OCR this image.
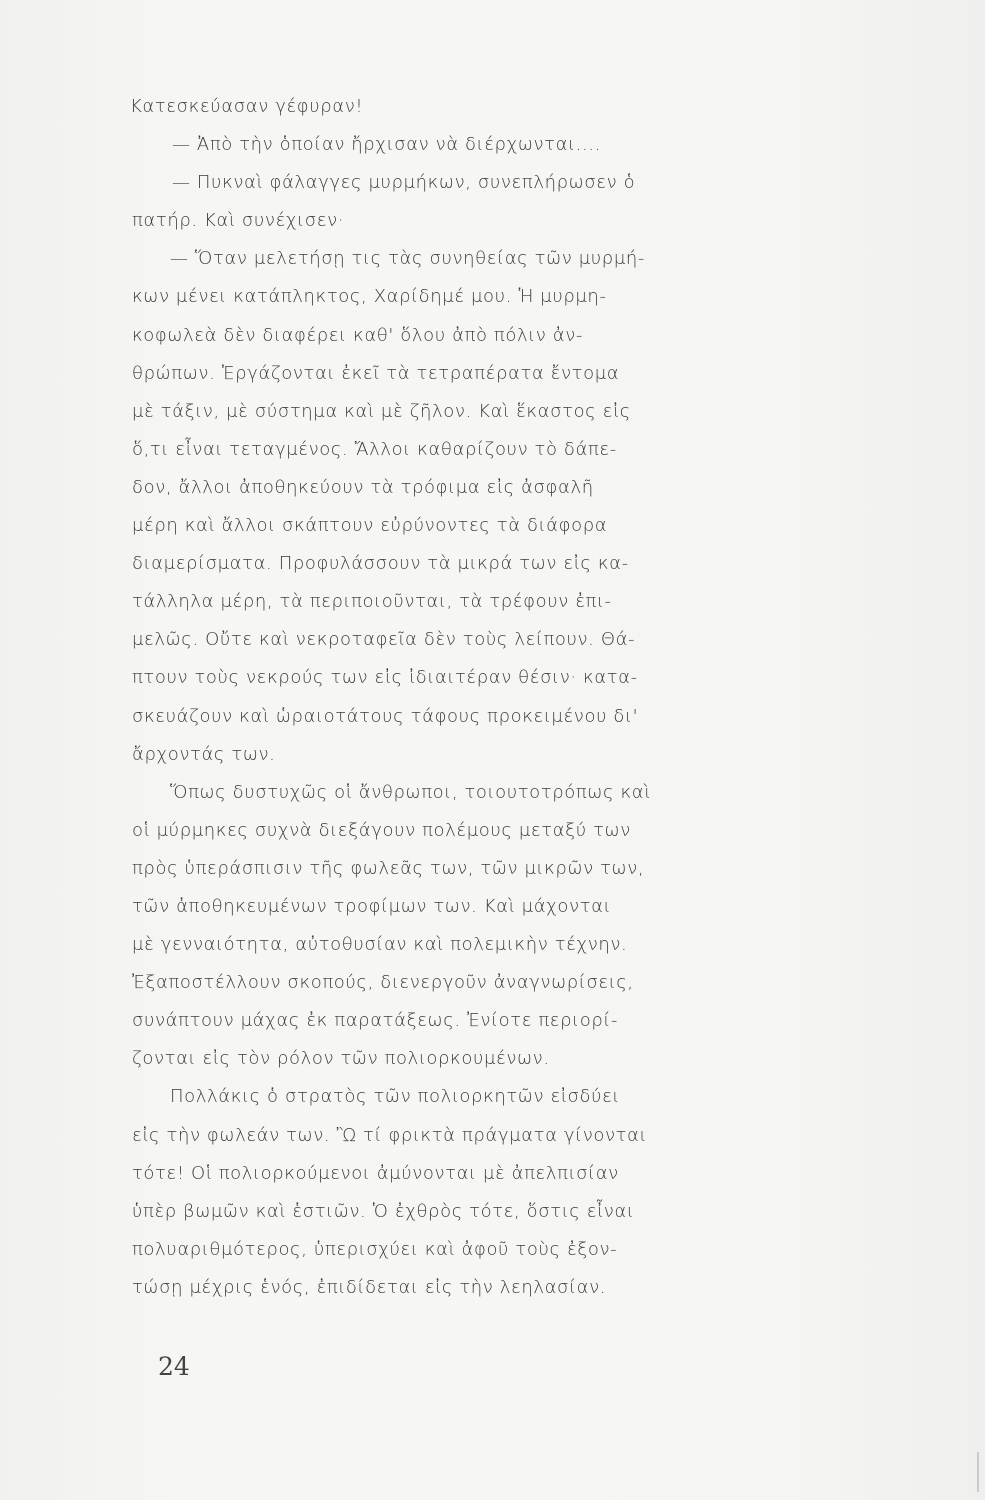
Κατεσκεύασαν γέφυραν!
— Ἀπὸ τὴν ὁποίαν ἤρχισαν νὰ διέρχωνται....
— Πυκναὶ φάλαγγες μυρμήκων, συνεπλήρωσεν ὁ
πατήρ. Καὶ συνέχισεν·
— Ὅταν μελετήσῃ τις τὰς συνηθείας τῶν μυρμή-
κων μένει κατάπληκτος, Χαρίδημέ μου. Ἡ μυρμη-
κοφωλεὰ δὲν διαφέρει καθ' ὅλου ἀπὸ πόλιν ἀν-
θρώπων. Ἐργάζονται ἐκεῖ τὰ τετραπέρατα ἔντομα
μὲ τάξιν, μὲ σύστημα καὶ μὲ ζῆλον. Καὶ ἕκαστος εἰς
ὅ,τι εἶναι τεταγμένος. Ἄλλοι καθαρίζουν τὸ δάπε-
δον, ἄλλοι ἀποθηκεύουν τὰ τρόφιμα εἰς ἀσφαλῆ
μέρη καὶ ἄλλοι σκάπτουν εὐρύνοντες τὰ διάφορα
διαμερίσματα. Προφυλάσσουν τὰ μικρά των εἰς κα-
τάλληλα μέρη, τὰ περιποιοῦνται, τὰ τρέφουν ἐπι-
μελῶς. Οὔτε καὶ νεκροταφεῖα δὲν τοὺς λείπουν. Θά-
πτουν τοὺς νεκρούς των εἰς ἰδιαιτέραν θέσιν· κατα-
σκευάζουν καὶ ὡραιοτάτους τάφους προκειμένου δι'
ἄρχοντάς των.
Ὅπως δυστυχῶς οἱ ἄνθρωποι, τοιουτοτρόπως καὶ
οἱ μύρμηκες συχνὰ διεξάγουν πολέμους μεταξύ των
πρὸς ὑπεράσπισιν τῆς φωλεᾶς των, τῶν μικρῶν των,
τῶν ἀποθηκευμένων τροφίμων των. Καὶ μάχονται
μὲ γενναιότητα, αὐτοθυσίαν καὶ πολεμικὴν τέχνην.
Ἐξαποστέλλουν σκοπούς, διενεργοῦν ἀναγνωρίσεις,
συνάπτουν μάχας ἐκ παρατάξεως. Ἐνίοτε περιορί-
ζονται εἰς τὸν ρόλον τῶν πολιορκουμένων.
Πολλάκις ὁ στρατὸς τῶν πολιορκητῶν εἰσδύει
εἰς τὴν φωλεάν των. Ὢ τί φρικτὰ πράγματα γίνονται
τότε! Οἱ πολιορκούμενοι ἀμύνονται μὲ ἀπελπισίαν
ὑπὲρ βωμῶν καὶ ἑστιῶν. Ὁ ἐχθρὸς τότε, ὅστις εἶναι
πολυαριθμότερος, ὑπερισχύει καὶ ἀφοῦ τοὺς ἐξον-
τώσῃ μέχρις ἑνός, ἐπιδίδεται εἰς τὴν λεηλασίαν.
24
